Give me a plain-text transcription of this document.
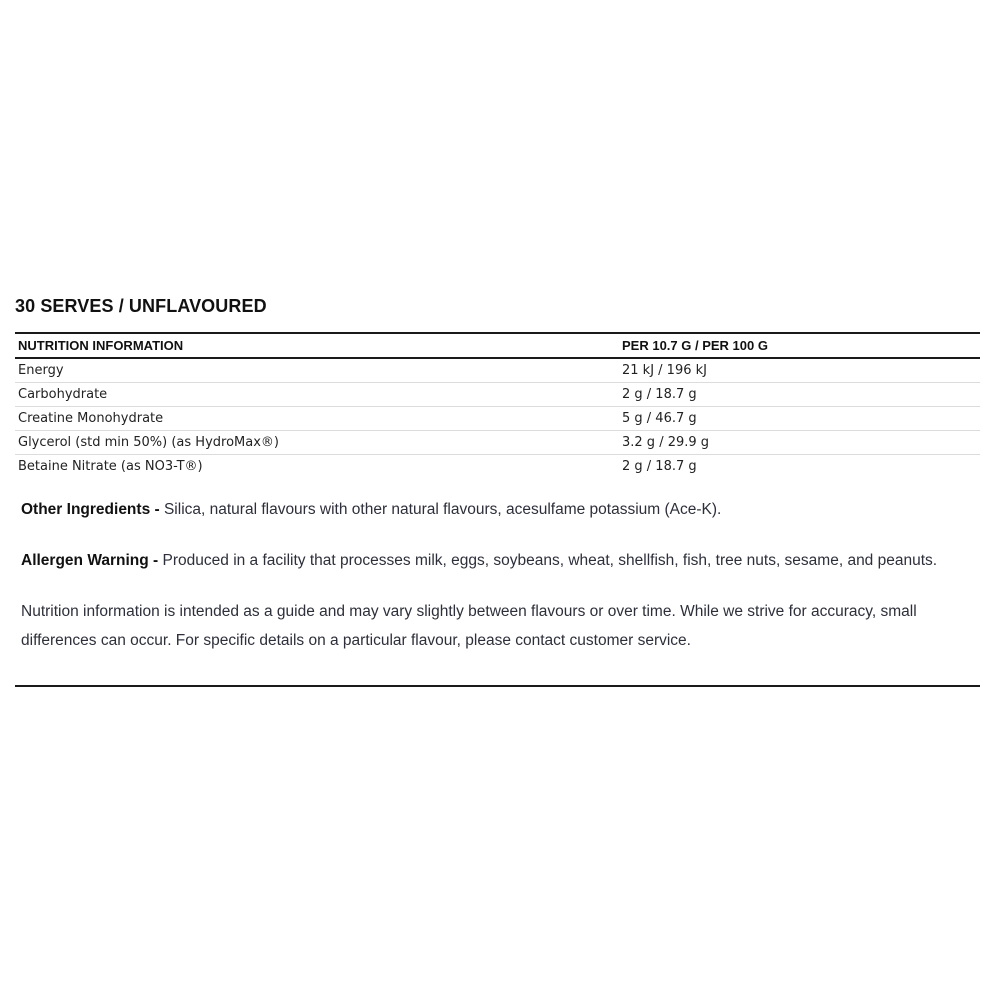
30 SERVES / UNFLAVOURED
NUTRITION INFORMATION	PER 10.7 G / PER 100 G
Energy	21 kJ / 196 kJ
Carbohydrate	2 g / 18.7 g
Creatine Monohydrate	5 g / 46.7 g
Glycerol (std min 50%) (as HydroMax®)	3.2 g / 29.9 g
Betaine Nitrate (as NO3-T®)	2 g / 18.7 g

Other Ingredients - Silica, natural flavours with other natural flavours, acesulfame potassium (Ace-K).

Allergen Warning - Produced in a facility that processes milk, eggs, soybeans, wheat, shellfish, fish, tree nuts, sesame, and peanuts.

Nutrition information is intended as a guide and may vary slightly between flavours or over time. While we strive for accuracy, small differences can occur. For specific details on a particular flavour, please contact customer service.
